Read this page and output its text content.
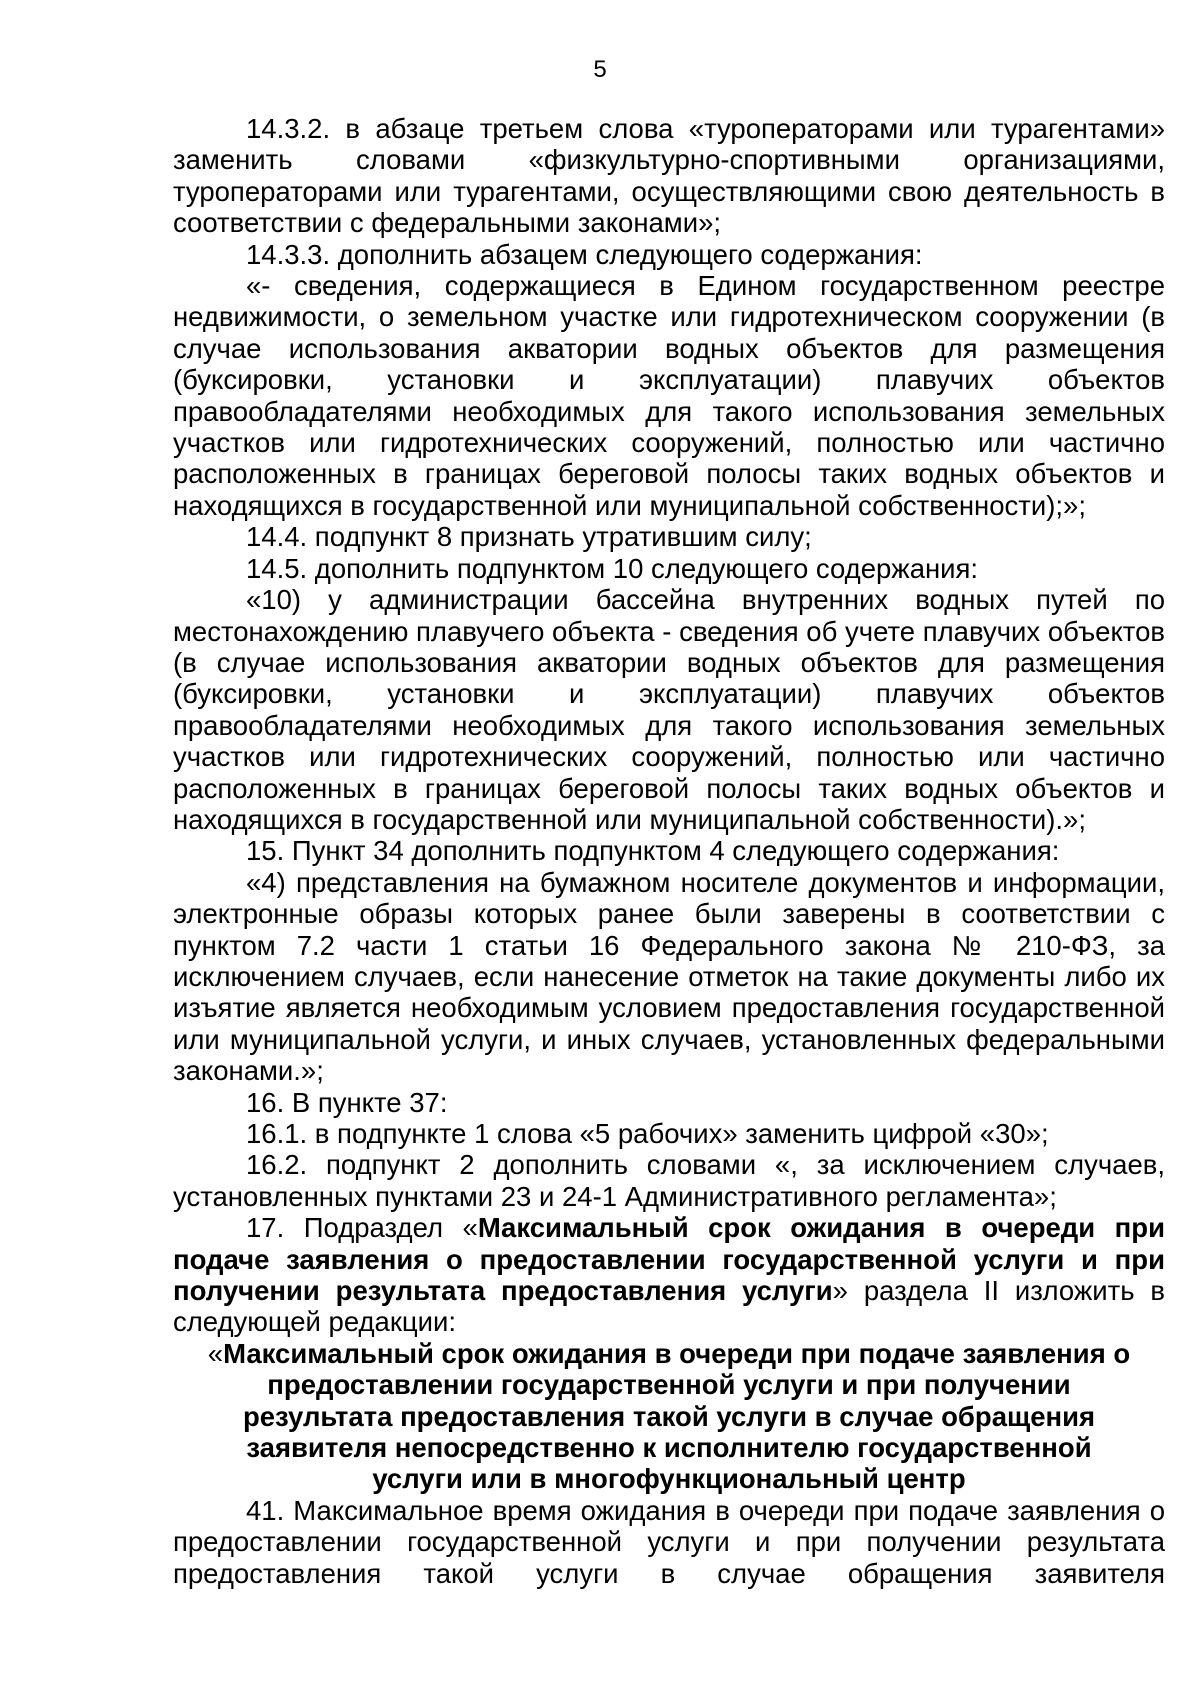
5

14.3.2. в абзаце третьем слова «туроператорами или турагентами» заменить словами «физкультурно-спортивными организациями, туроператорами или турагентами, осуществляющими свою деятельность в соответствии с федеральными законами»;

14.3.3. дополнить абзацем следующего содержания:

«- сведения, содержащиеся в Едином государственном реестре недвижимости, о земельном участке или гидротехническом сооружении (в случае использования акватории водных объектов для размещения (буксировки, установки и эксплуатации) плавучих объектов правообладателями необходимых для такого использования земельных участков или гидротехнических сооружений, полностью или частично расположенных в границах береговой полосы таких водных объектов и находящихся в государственной или муниципальной собственности);»;

14.4. подпункт 8 признать утратившим силу;

14.5. дополнить подпунктом 10 следующего содержания:

«10) у администрации бассейна внутренних водных путей по местонахождению плавучего объекта - сведения об учете плавучих объектов (в случае использования акватории водных объектов для размещения (буксировки, установки и эксплуатации) плавучих объектов правообладателями необходимых для такого использования земельных участков или гидротехнических сооружений, полностью или частично расположенных в границах береговой полосы таких водных объектов и находящихся в государственной или муниципальной собственности).»;

15. Пункт 34 дополнить подпунктом 4 следующего содержания:

«4) представления на бумажном носителе документов и информации, электронные образы которых ранее были заверены в соответствии с пунктом 7.2 части 1 статьи 16 Федерального закона № 210-ФЗ, за исключением случаев, если нанесение отметок на такие документы либо их изъятие является необходимым условием предоставления государственной или муниципальной услуги, и иных случаев, установленных федеральными законами.»;

16. В пункте 37:

16.1. в подпункте 1 слова «5 рабочих» заменить цифрой «30»;

16.2. подпункт 2 дополнить словами «, за исключением случаев, установленных пунктами 23 и 24-1 Административного регламента»;

17. Подраздел «Максимальный срок ожидания в очереди при подаче заявления о предоставлении государственной услуги и при получении результата предоставления услуги» раздела II изложить в следующей редакции:

«Максимальный срок ожидания в очереди при подаче заявления о предоставлении государственной услуги и при получении результата предоставления такой услуги в случае обращения заявителя непосредственно к исполнителю государственной услуги или в многофункциональный центр

41. Максимальное время ожидания в очереди при подаче заявления о предоставлении государственной услуги и при получении результата предоставления такой услуги в случае обращения заявителя
